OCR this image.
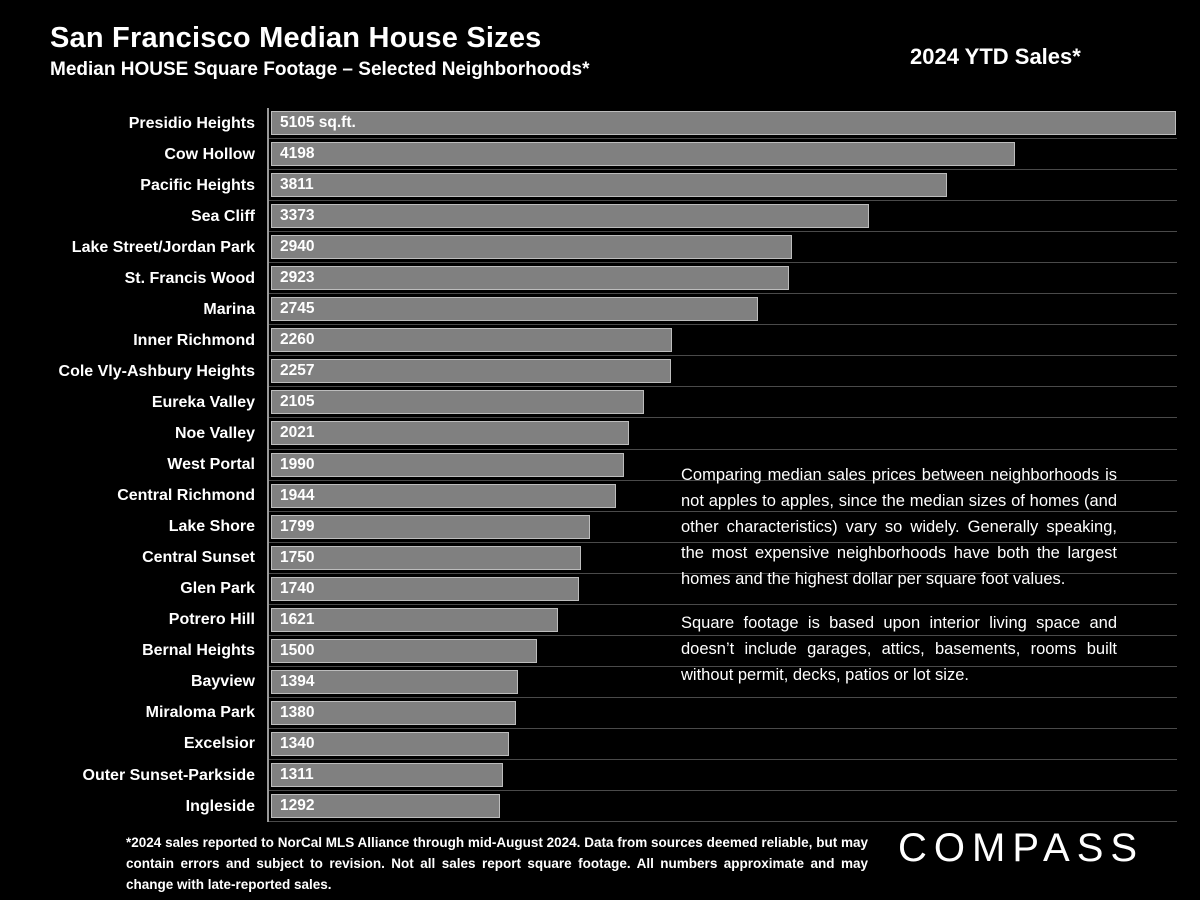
San Francisco Median House Sizes
Median HOUSE Square Footage – Selected Neighborhoods*
2024 YTD Sales*
Presidio Heights
Cow Hollow
Pacific Heights
Sea Cliff
Lake Street/Jordan Park
St. Francis Wood
Marina
Inner Richmond
Cole Vly-Ashbury Heights
Eureka Valley
Noe Valley
West Portal
Central Richmond
Lake Shore
Central Sunset
Glen Park
Potrero Hill
Bernal Heights
Bayview
Miraloma Park
Excelsior
Outer Sunset-Parkside
Ingleside
5105 sq.ft.
4198
3811
3373
2940
2923
2745
2260
2257
2105
2021
1990
1944
1799
1750
1740
1621
1500
1394
1380
1340
1311
1292

Comparing median sales prices between neighborhoods is not apples to apples, since the median sizes of homes (and other characteristics) vary so widely. Generally speaking, the most expensive neighborhoods have both the largest homes and the highest dollar per square foot values.

Square footage is based upon interior living space and doesn’t include garages, attics, basements, rooms built without permit, decks, patios or lot size.

*2024 sales reported to NorCal MLS Alliance through mid-August 2024. Data from sources deemed reliable, but may contain errors and subject to revision. Not all sales report square footage. All numbers approximate and may change with late-reported sales.
COMPASS
